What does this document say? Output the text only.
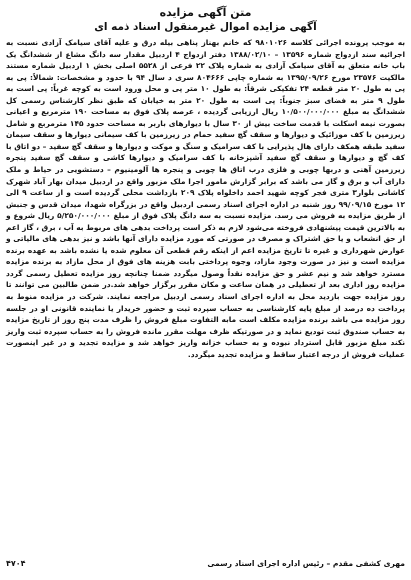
متن آگهی مزایده
آگهی مزایده اموال غیرمنقول اسناد ذمه ای

به موجب پرونده اجرائی کلاسه ۹۸۰۱۰۲۶ که خانم بهناز پناهی بیله درق و علیه آقای سیامک آزادی نسبت به اجرائیه سند ازدواج شماره ۱۳۵۹۶ – ۱۳۸۸/۰۲/۱۰ دفتر ازدواج ۴ اردبیل مقدار سه دانگ مشاع از ششدانگ یک باب خانه متعلق به آقای سیامک آزادی به شماره پلاک ۲۲ فرعی از ۵۵۲۸ اصلی بخش ۱ اردبیل شماره مستند مالکیت ۲۳۵۷۶ مورخ ۱۳۹۵/۰۹/۲۶ به شماره چاپی ۸۰۴۶۶۶ سری د سال ۹۴ با حدود و مشخصات: شمالاً: پی به پی به طول ۲۰ متر قطعه ۲۴ تفکیکی شرقاً: به طول ۱۰ متر پی و محل ورود است به کوچه غرباً: پی است به طول ۹ متر به فضای سبز جنوباً: پی است به طول ۲۰ متر به خیابان که طبق نظر کارشناس رسمی کل ششدانگ به مبلغ ۱۰/۵۰۰/۰۰۰/۰۰۰ ریال ارزیابی گردیده ، عرصه پلاک فوق به مساحت ۱۹۰ مترمربع و اعیانی بصورت نیمه اسکلت با قدمت ساخت بیش از ۳۰ سال با دیوارهای باربر به مساحت حدود ۱۴۵ مترمربع و شامل زیرزمین با کف موزائیک و دیوارها و سقف گچ سفید حمام در زیرزمین با کف سیمانی دیوارها و سقف سیمان سفید طبقه همکف دارای هال پذیرایی با کف سرامیک و سنگ و موکت و دیوارها و سقف گچ سفید – دو اتاق با کف گچ و دیوارها و سقف گچ سفید آشپزخانه با کف سرامیک و دیوارها کاشی و سقف گچ سفید پنجره زیرزمین آهنی و دربها چوبی و فلزی درب اتاق ها چوبی و پنجره ها آلومینیوم – دستشویی در حیاط و ملک دارای آب و برق و گاز می باشد که برابر گزارش مامور اجرا ملک مزبور واقع در اردبیل میدان بهار آباد شهرک کاشانی بلوار۳ متری فجر کوچه شهید احمد داخلواه پلاک ۲۰۹ بازداشت محلی گردیده است و از ساعت ۹ الی ۱۲ مورخ ۹۹/۰۹/۱۵ روز شنبه در اداره اجرای اسناد رسمی اردبیل واقع در بزرگراه شهدا، میدان قدس و جنبش از طریق مزایده به فروش می رسد. مزایده نسبت به سه دانگ پلاک فوق از مبلغ ۵/۲۵۰/۰۰۰/۰۰۰ ریال شروع و به بالاترین قیمت پیشنهادی فروخته می‌شود لازم به ذکر است پرداخت بدهی های مربوط به آب ، برق ، گاز اعم از حق انشعاب و یا حق اشتراک و مصرف در صورتی که مورد مزایده دارای آنها باشد و نیز بدهی های مالیاتی و عوارض شهرداری و غیره تا تاریخ مزایده اعم از اینکه رقم قطعی آن معلوم شده یا نشده باشد به عهده برنده مزایده است و نیز در صورت وجود مازاد، وجوه پرداختی بابت هزینه های فوق از محل مازاد به برنده مزایده مسترد خواهد شد و نیم عشر و حق مزایده نقداً وصول میگردد ضمنا چنانچه روز مزایده تعطیل رسمی گردد مزایده روز اداری بعد از تعطیلی در همان ساعت و مکان مقرر برگزار خواهد شد.در ضمن طالبین می توانند تا روز مزایده جهت بازدید محل به اداره اجرای اسناد رسمی اردبیل مراجعه نمایند. شرکت در مزایده منوط به پرداخت ده درصد از مبلغ پایه کارشناسی به حساب سپرده ثبت و حضور خریدار یا نماینده قانونی او در جلسه روز مزایده می باشد برنده مزایده مکلف است مابه التفاوت مبلغ فروش را ظرف مدت پنج روز از تاریخ مزایده به حساب صندوق ثبت تودیع نماید و در صورتیکه ظرف مهلت مقرر مانده فروش را به حساب سپرده ثبت واریز نکند مبلغ مزبور قابل استرداد نبوده و به حساب خزانه واریز خواهد شد و مزایده تجدید و در غیر اینصورت عملیات فروش از درجه اعتبار ساقط و مزایده تجدید میگردد.

مهری کشفی مقدم – رئیس اداره اجرای اسناد رسمی
۴۷۰۴
